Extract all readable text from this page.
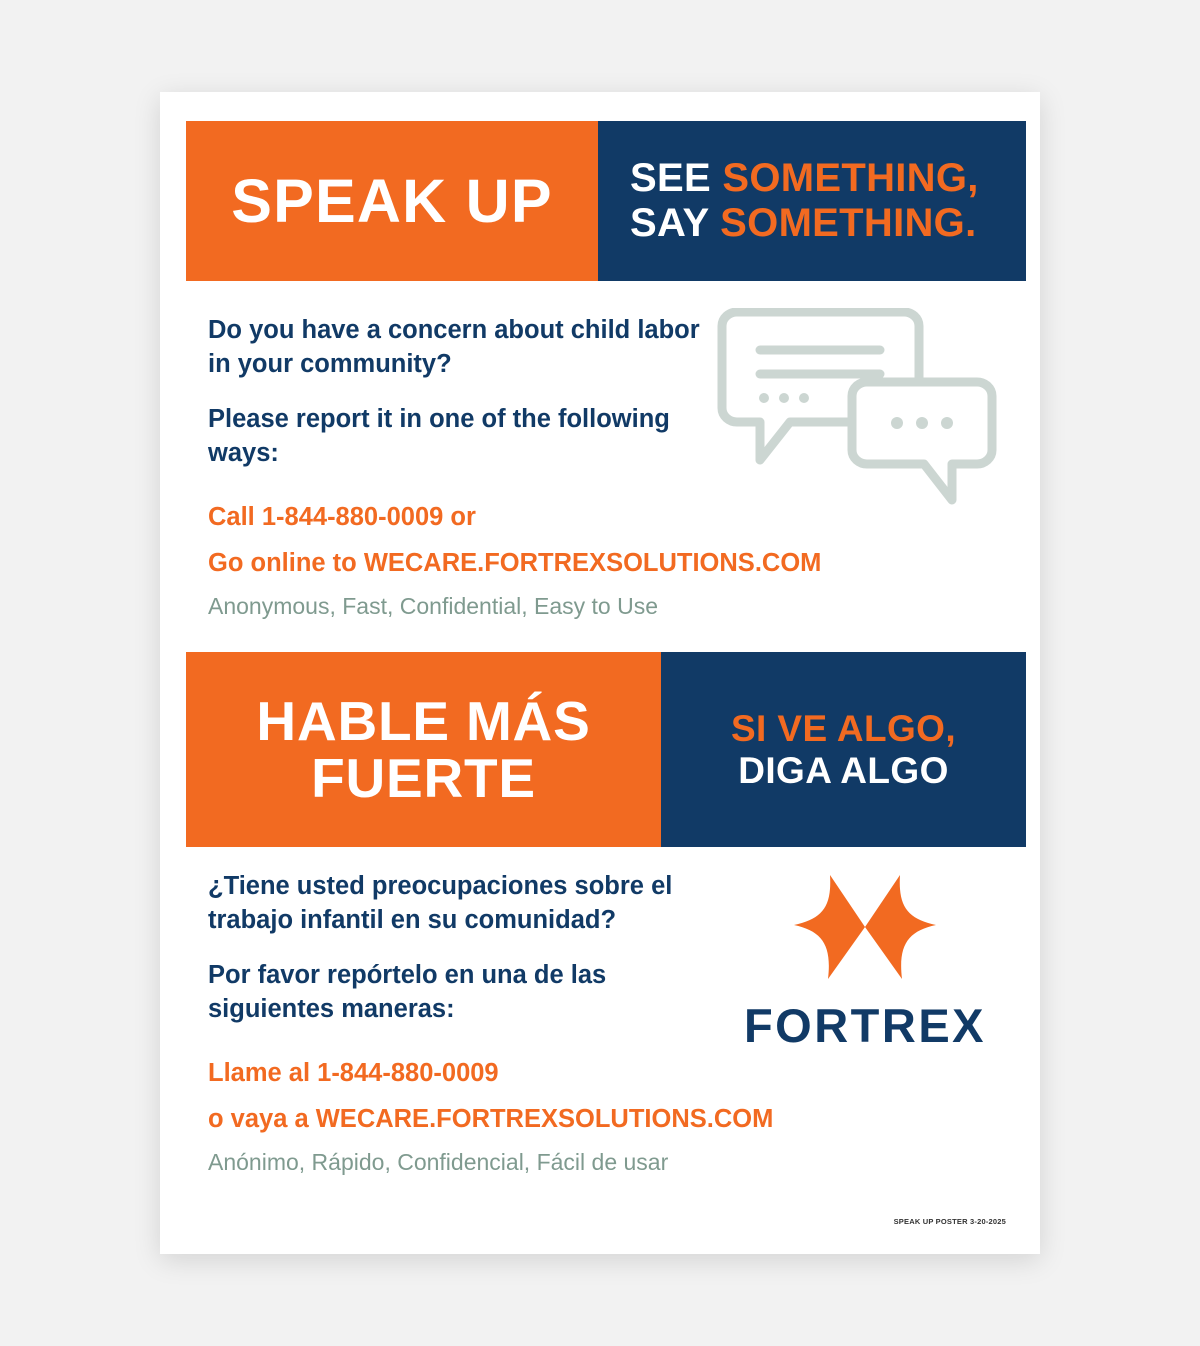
SPEAK UP SEE SOMETHING,
SAY SOMETHING.

Do you have a concern about child labor in your community?

Please report it in one of the following ways:

Call 1-844-880-0009 or

Go online to WECARE.FORTREXSOLUTIONS.COM

Anonymous, Fast, Confidential, Easy to Use

HABLE MÁS
FUERTE
SI VE ALGO,
DIGA ALGO

¿Tiene usted preocupaciones sobre el trabajo infantil en su comunidad?

Por favor repórtelo en una de las siguientes maneras:

Llame al 1-844-880-0009

o vaya a WECARE.FORTREXSOLUTIONS.COM

Anónimo, Rápido, Confidencial, Fácil de usar

FORTREX
SPEAK UP POSTER 3-20-2025
